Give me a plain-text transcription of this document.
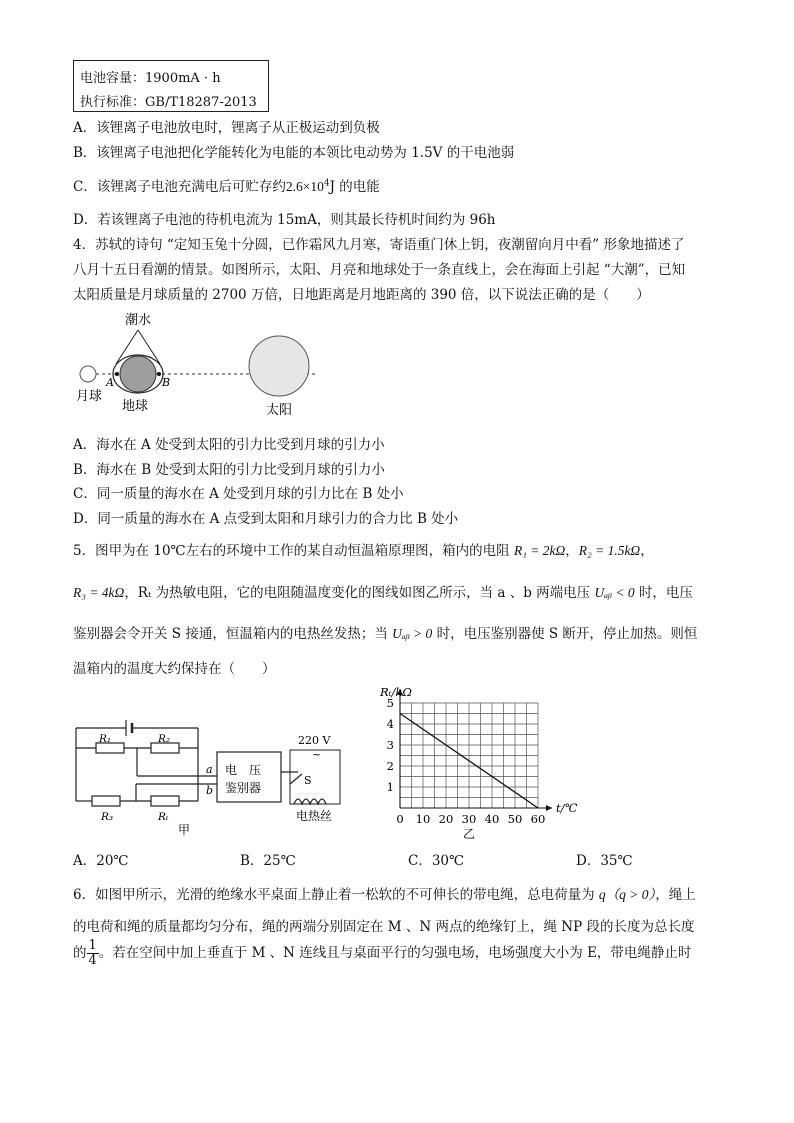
电池容量：1900mA · h
执行标准：GB/T18287-2013
A．该锂离子电池放电时，锂离子从正极运动到负极
B．该锂离子电池把化学能转化为电能的本领比电动势为 1.5V 的干电池弱
C．该锂离子电池充满电后可贮存约$2.6\times 10^4J$ 的电能
D．若该锂离子电池的待机电流为 15mA，则其最长待机时间约为 96h
4．苏轼的诗句 “定知玉兔十分圆，已作霜风九月寒，寄语重门休上钥，夜潮留向月中看” 形象地描述了
八月十五日看潮的情景。如图所示，太阳、月亮和地球处于一条直线上，会在海面上引起 “大潮”，已知
太阳质量是月球质量的 2700 万倍，日地距离是月地距离的 390 倍，以下说法正确的是（　　）
潮水
月球
地球	太阳
A	B
A．海水在 A 处受到太阳的引力比受到月球的引力小
B．海水在 B 处受到太阳的引力比受到月球的引力小
C．同一质量的海水在 A 处受到月球的引力比在 B 处小
D．同一质量的海水在 A 点受到太阳和月球引力的合力比 B 处小
5．图甲为在 10℃左右的环境中工作的某自动恒温箱原理图，箱内的电阻 R₁ = 2kΩ，R₂ = 1.5kΩ，
R₃ = 4kΩ，Rₜ 为热敏电阻，它的电阻随温度变化的图线如图乙所示，当 a 、b 两端电压 Uₐᵦ < 0 时，电压
鉴别器会令开关 S 接通，恒温箱内的电热丝发热；当 Uₐᵦ > 0 时，电压鉴别器使 S 断开，停止加热。则恒
温箱内的温度大约保持在（　　）
R₁	R₂
R₃	Rₜ
a
b
电　压
鉴别器
220 V
~
S
电热丝
甲
0 10 20 30 40 50 60
1
2
3
4
5
Rₜ/kΩ
t/℃
乙
A．20℃	B．25℃	C．30℃	D．35℃
6．如图甲所示，光滑的绝缘水平桌面上静止着一松软的不可伸长的带电绳，总电荷量为 q（q > 0），绳上
的电荷和绳的质量都均匀分布，绳的两端分别固定在 M 、N 两点的绝缘钉上，绳 NP 段的长度为总长度
的 $\frac{1}{4}$ 。若在空间中加上垂直于 M 、N 连线且与桌面平行的匀强电场，电场强度大小为 E，带电绳静止时
